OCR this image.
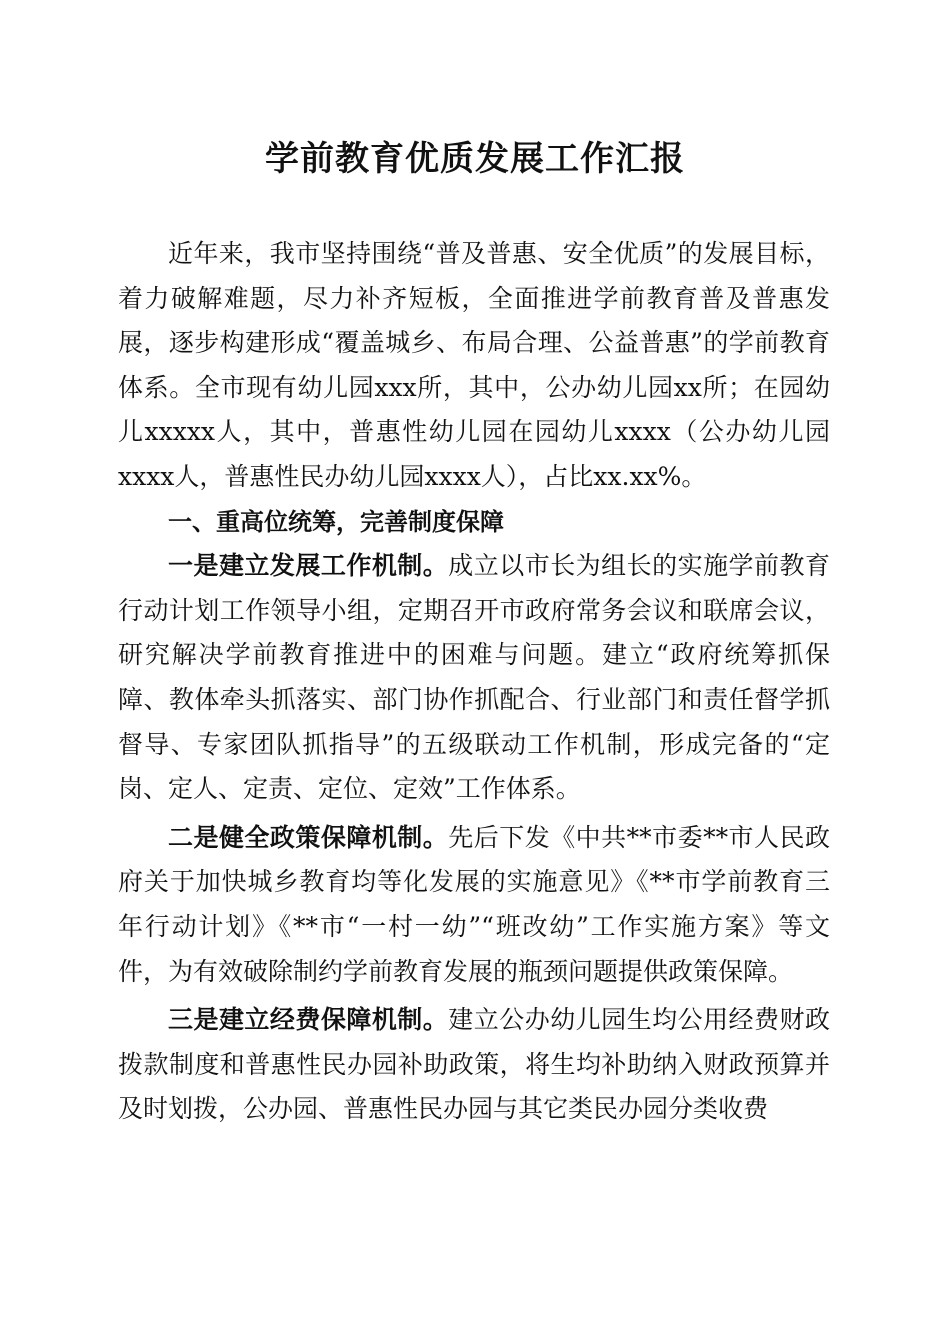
学前教育优质发展工作汇报

近年来，我市坚持围绕“普及普惠、安全优质”的发展目标，着力破解难题，尽力补齐短板，全面推进学前教育普及普惠发展，逐步构建形成“覆盖城乡、布局合理、公益普惠”的学前教育体系。全市现有幼儿园xxx所，其中，公办幼儿园xx所；在园幼儿xxxxx人，其中，普惠性幼儿园在园幼儿xxxx（公办幼儿园xxxx人，普惠性民办幼儿园xxxx人），占比xx.xx%。

一、重高位统筹，完善制度保障

一是建立发展工作机制。成立以市长为组长的实施学前教育行动计划工作领导小组，定期召开市政府常务会议和联席会议，研究解决学前教育推进中的困难与问题。建立“政府统筹抓保障、教体牵头抓落实、部门协作抓配合、行业部门和责任督学抓督导、专家团队抓指导”的五级联动工作机制，形成完备的“定岗、定人、定责、定位、定效”工作体系。

二是健全政策保障机制。先后下发《中共**市委**市人民政府关于加快城乡教育均等化发展的实施意见》《**市学前教育三年行动计划》《**市“一村一幼”“班改幼”工作实施方案》等文件，为有效破除制约学前教育发展的瓶颈问题提供政策保障。

三是建立经费保障机制。建立公办幼儿园生均公用经费财政拨款制度和普惠性民办园补助政策，将生均补助纳入财政预算并及时划拨，公办园、普惠性民办园与其它类民办园分类收费
